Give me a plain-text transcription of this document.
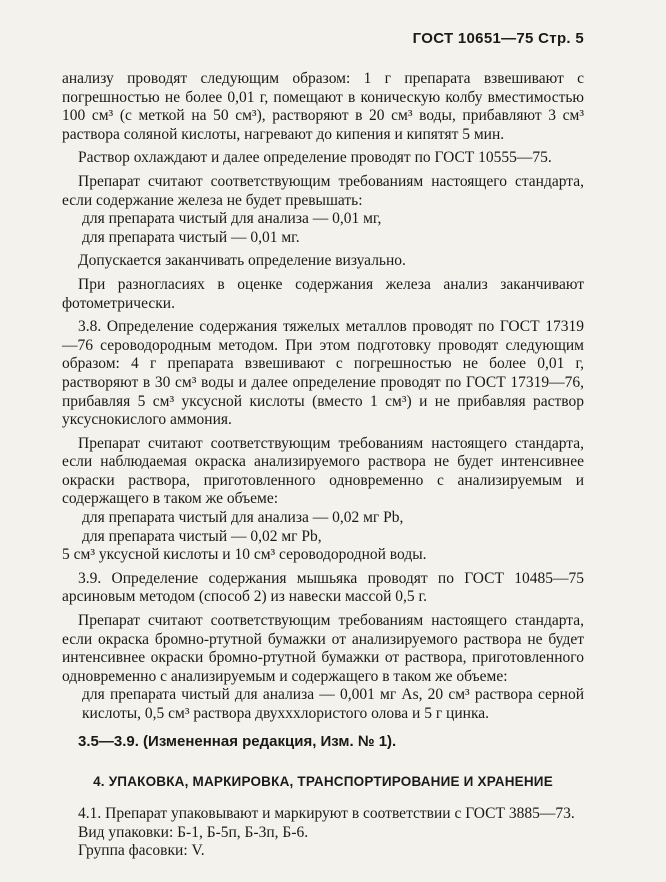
ГОСТ 10651—75 Стр. 5

анализу проводят следующим образом: 1 г препарата взвешивают с погрешностью не более 0,01 г, помещают в коническую колбу вместимостью 100 см³ (с меткой на 50 см³), растворяют в 20 см³ воды, прибавляют 3 см³ раствора соляной кислоты, нагревают до кипения и кипятят 5 мин.

Раствор охлаждают и далее определение проводят по ГОСТ 10555—75.

Препарат считают соответствующим требованиям настоящего стандарта, если содержание железа не будет превышать:

для препарата чистый для анализа — 0,01 мг,

для препарата чистый — 0,01 мг.

Допускается заканчивать определение визуально.

При разногласиях в оценке содержания железа анализ заканчивают фотометрически.

3.8. Определение содержания тяжелых металлов проводят по ГОСТ 17319—76 сероводородным методом. При этом подготовку проводят следующим образом: 4 г препарата взвешивают с погрешностью не более 0,01 г, растворяют в 30 см³ воды и далее определение проводят по ГОСТ 17319—76, прибавляя 5 см³ уксусной кислоты (вместо 1 см³) и не прибавляя раствор уксуснокислого аммония.

Препарат считают соответствующим требованиям настоящего стандарта, если наблюдаемая окраска анализируемого раствора не будет интенсивнее окраски раствора, приготовленного одновременно с анализируемым и содержащего в таком же объеме:

для препарата чистый для анализа — 0,02 мг Pb,

для препарата чистый — 0,02 мг Pb,

5 см³ уксусной кислоты и 10 см³ сероводородной воды.

3.9. Определение содержания мышьяка проводят по ГОСТ 10485—75 арсиновым методом (способ 2) из навески массой 0,5 г.

Препарат считают соответствующим требованиям настоящего стандарта, если окраска бромно-ртутной бумажки от анализируемого раствора не будет интенсивнее окраски бромно-ртутной бумажки от раствора, приготовленного одновременно с анализируемым и содержащего в таком же объеме:

для препарата чистый для анализа — 0,001 мг As, 20 см³ раствора серной кислоты, 0,5 см³ раствора двухххлористого олова и 5 г цинка.

3.5—3.9. (Измененная редакция, Изм. № 1).

4. УПАКОВКА, МАРКИРОВКА, ТРАНСПОРТИРОВАНИЕ И ХРАНЕНИЕ

4.1. Препарат упаковывают и маркируют в соответствии с ГОСТ 3885—73.

Вид упаковки: Б-1, Б-5п, Б-3п, Б-6.

Группа фасовки: V.
